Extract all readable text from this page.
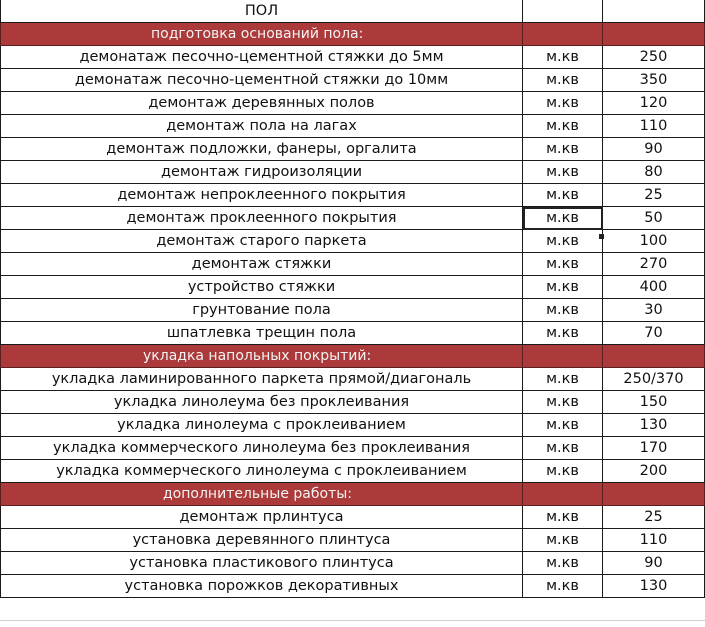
ПОЛ		
подготовка оснований пола:		
демонатаж песочно-цементной стяжки до 5мм	м.кв	250
демонатаж песочно-цементной стяжки до 10мм	м.кв	350
демонтаж деревянных полов	м.кв	120
демонтаж пола на лагах	м.кв	110
демонтаж подложки, фанеры, оргалита	м.кв	90
демонтаж гидроизоляции	м.кв	80
демонтаж непроклеенного покрытия	м.кв	25
демонтаж проклеенного покрытия	м.кв	50
демонтаж старого паркета	м.кв	100
демонтаж стяжки	м.кв	270
устройство стяжки	м.кв	400
грунтование пола	м.кв	30
шпатлевка трещин пола	м.кв	70
укладка напольных покрытий:		
укладка ламинированного паркета прямой/диагональ	м.кв	250/370
укладка линолеума без проклеивания	м.кв	150
укладка линолеума с проклеиванием	м.кв	130
укладка коммерческого линолеума без проклеивания	м.кв	170
укладка коммерческого линолеума с проклеиванием	м.кв	200
дополнительные работы:		
демонтаж прлинтуса	м.кв	25
установка деревянного плинтуса	м.кв	110
установка пластикового плинтуса	м.кв	90
установка порожков декоративных	м.кв	130
